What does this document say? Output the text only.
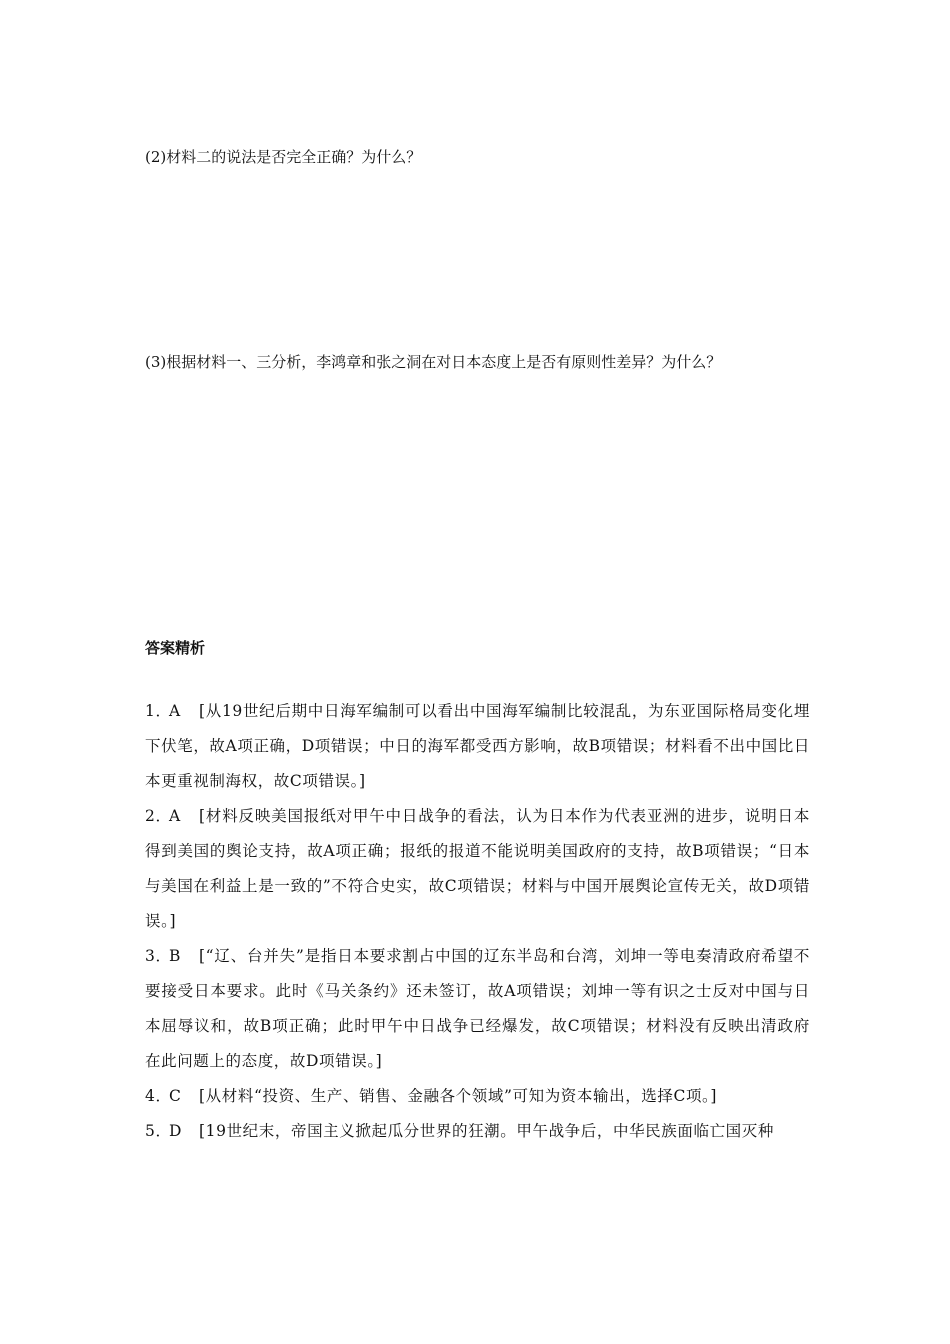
(2)材料二的说法是否完全正确？为什么？
(3)根据材料一、三分析，李鸿章和张之洞在对日本态度上是否有原则性差异？为什么？
答案精析

1．A [从19世纪后期中日海军编制可以看出中国海军编制比较混乱，为东亚国际格局变化埋下伏笔，故A项正确，D项错误；中日的海军都受西方影响，故B项错误；材料看不出中国比日本更重视制海权，故C项错误。]

2．A [材料反映美国报纸对甲午中日战争的看法，认为日本作为代表亚洲的进步，说明日本得到美国的舆论支持，故A项正确；报纸的报道不能说明美国政府的支持，故B项错误；“日本与美国在利益上是一致的”不符合史实，故C项错误；材料与中国开展舆论宣传无关，故D项错误。]

3．B [“辽、台并失”是指日本要求割占中国的辽东半岛和台湾，刘坤一等电奏清政府希望不要接受日本要求。此时《马关条约》还未签订，故A项错误；刘坤一等有识之士反对中国与日本屈辱议和，故B项正确；此时甲午中日战争已经爆发，故C项错误；材料没有反映出清政府在此问题上的态度，故D项错误。]

4．C [从材料“投资、生产、销售、金融各个领域”可知为资本输出，选择C项。]

5．D [19世纪末，帝国主义掀起瓜分世界的狂潮。甲午战争后，中华民族面临亡国灭种
